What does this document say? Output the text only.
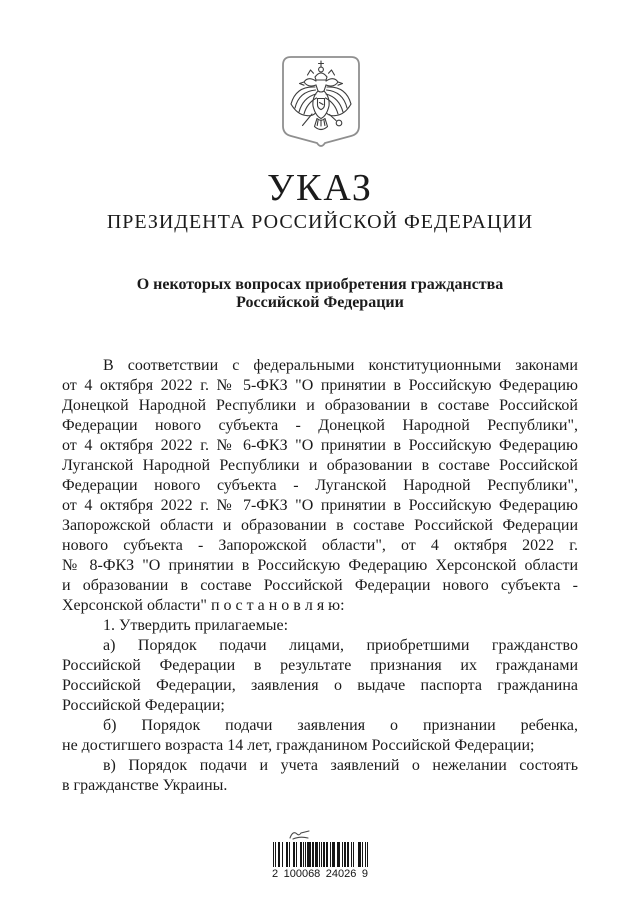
УКАЗ
ПРЕЗИДЕНТА РОССИЙСКОЙ ФЕДЕРАЦИИ
О некоторых вопросах приобретения гражданства
Российской Федерации
В соответствии с федеральными конституционными законами
от 4 октября 2022 г. № 5-ФКЗ "О принятии в Российскую Федерацию
Донецкой Народной Республики и образовании в составе Российской
Федерации нового субъекта - Донецкой Народной Республики",
от 4 октября 2022 г. № 6-ФКЗ "О принятии в Российскую Федерацию
Луганской Народной Республики и образовании в составе Российской
Федерации нового субъекта - Луганской Народной Республики",
от 4 октября 2022 г. № 7-ФКЗ "О принятии в Российскую Федерацию
Запорожской области и образовании в составе Российской Федерации
нового субъекта - Запорожской области", от 4 октября 2022 г.
№ 8-ФКЗ "О принятии в Российскую Федерацию Херсонской области
и образовании в составе Российской Федерации нового субъекта -
Херсонской области" п о с т а н о в л я ю:
1. Утвердить прилагаемые:
а) Порядок подачи лицами, приобретшими гражданство
Российской Федерации в результате признания их гражданами
Российской Федерации, заявления о выдаче паспорта гражданина
Российской Федерации;
б) Порядок подачи заявления о признании ребенка,
не достигшего возраста 14 лет, гражданином Российской Федерации;
в) Порядок подачи и учета заявлений о нежелании состоять
в гражданстве Украины.
2 100068 24026 9
